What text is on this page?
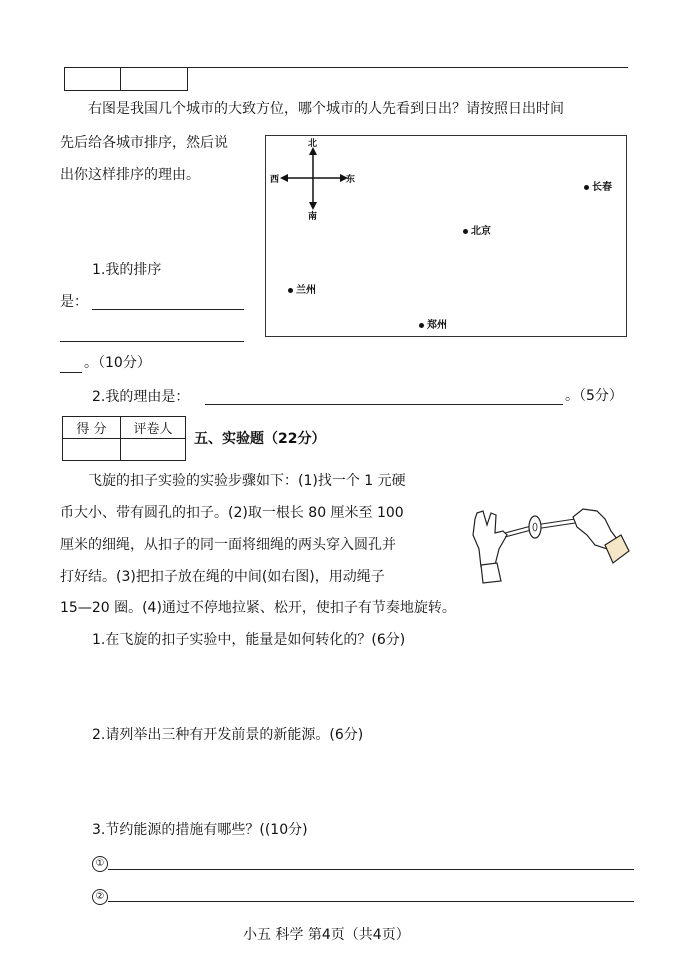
右图是我国几个城市的大致方位，哪个城市的人先看到日出？请按照日出时间
先后给各城市排序，然后说
出你这样排序的理由。
北
南
西	东
长春
北京
兰州
郑州
1.我的排序
是：
。（10分）
2.我的理由是：	。（5分）
得 分	评卷人

五、实验题（22分）
飞旋的扣子实验的实验步骤如下：(1)找一个 1 元硬
币大小、带有圆孔的扣子。(2)取一根长 80 厘米至 100
厘米的细绳，从扣子的同一面将细绳的两头穿入圆孔并
打好结。(3)把扣子放在绳的中间(如右图)，用动绳子
15—20 圈。(4)通过不停地拉紧、松开，使扣子有节奏地旋转。
1.在飞旋的扣子实验中，能量是如何转化的？(6分)
2.请列举出三种有开发前景的新能源。(6分)
3.节约能源的措施有哪些？((10分)
①
②
小五 科学 第4页（共4页）
